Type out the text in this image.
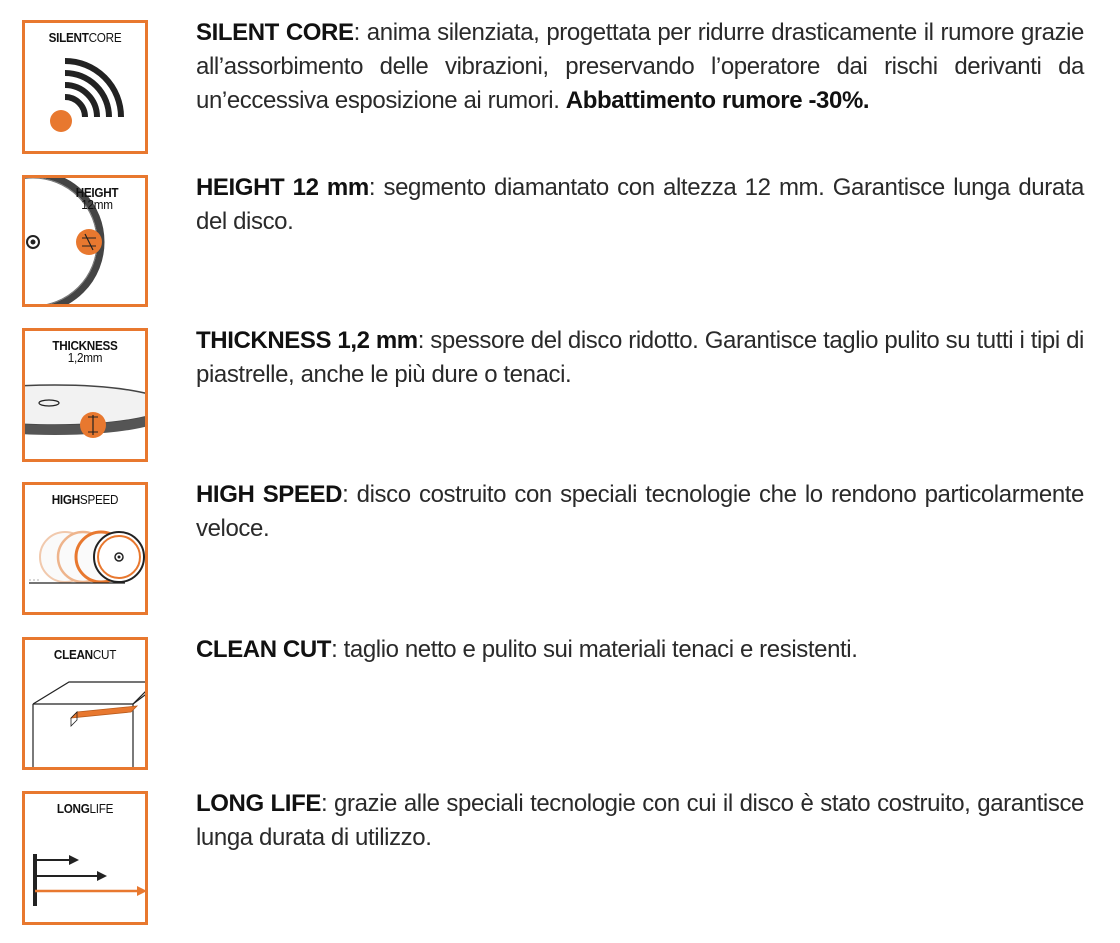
SILENTCORE	SILENT CORE: anima silenziata, progettata per ridurre drasticamente il rumore grazie all’assorbimento delle vibrazioni, preservando l’operatore dai rischi derivanti da un’eccessiva esposizione ai rumori. Abbattimento rumore -30%.
HEIGHT
12mm
HEIGHT 12 mm: segmento diamantato con altezza 12 mm. Garantisce lunga durata del disco.
THICKNESS
1,2mm
THICKNESS 1,2 mm: spessore del disco ridotto. Garantisce taglio pulito su tutti i tipi di piastrelle, anche le più dure o tenaci.
HIGHSPEED	HIGH SPEED: disco costruito con speciali tecnologie che lo rendono particolarmente veloce.
CLEANCUT	CLEAN CUT: taglio netto e pulito sui materiali tenaci e resistenti.
LONGLIFE	LONG LIFE: grazie alle speciali tecnologie con cui il disco è stato costruito, garantisce lunga durata di utilizzo.
